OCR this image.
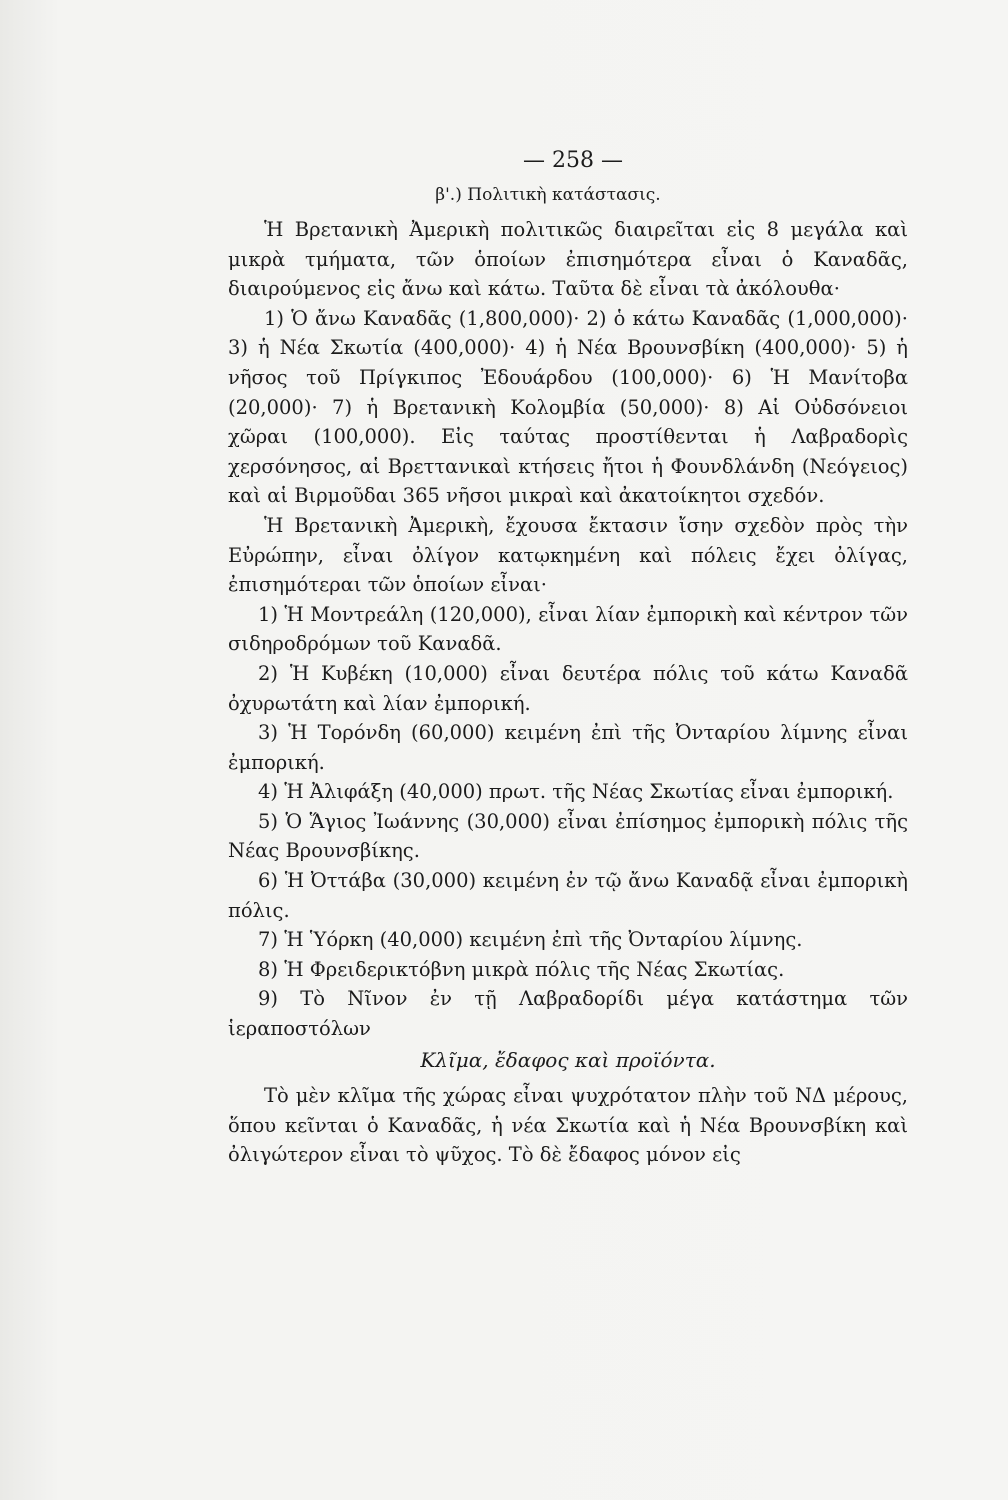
— 258 —
β'.) Πολιτικὴ κατάστασις.

Ἡ Βρετανικὴ Ἀμερικὴ πολιτικῶς διαιρεῖται εἰς 8 μεγάλα καὶ μικρὰ τμήματα, τῶν ὁποίων ἐπισημότερα εἶναι ὁ Καναδᾶς, διαιρούμενος εἰς ἄνω καὶ κάτω. Ταῦτα δὲ εἶναι τὰ ἀκόλουθα·

1) Ὁ ἄνω Καναδᾶς (1,800,000)· 2) ὁ κάτω Καναδᾶς (1,000,000)· 3) ἡ Νέα Σκωτία (400,000)· 4) ἡ Νέα Βρουνσβίκη (400,000)· 5) ἡ νῆσος τοῦ Πρίγκιπος Ἐδουάρδου (100,000)· 6) Ἡ Μανίτοβα (20,000)· 7) ἡ Βρετανικὴ Κολομβία (50,000)· 8) Αἱ Οὐδσόνειοι χῶραι (100,000). Εἰς ταύτας προστίθενται ἡ Λαβραδορὶς χερσόνησος, αἱ Βρεττανικαὶ κτήσεις ἤτοι ἡ Φουνδλάνδη (Νεόγειος) καὶ αἱ Βιρμοῦδαι 365 νῆσοι μικραὶ καὶ ἀκατοίκητοι σχεδόν.

Ἡ Βρετανικὴ Ἀμερικὴ, ἔχουσα ἔκτασιν ἴσην σχεδὸν πρὸς τὴν Εὐρώπην, εἶναι ὀλίγον κατῳκημένη καὶ πόλεις ἔχει ὀλίγας, ἐπισημότεραι τῶν ὁποίων εἶναι·

1) Ἡ Μοντρεάλη (120,000), εἶναι λίαν ἐμπορικὴ καὶ κέντρον τῶν σιδηροδρόμων τοῦ Καναδᾶ.

2) Ἡ Κυβέκη (10,000) εἶναι δευτέρα πόλις τοῦ κάτω Καναδᾶ ὀχυρωτάτη καὶ λίαν ἐμπορική.

3) Ἡ Τορόνδη (60,000) κειμένη ἐπὶ τῆς Ὀνταρίου λίμνης εἶναι ἐμπορική.

4) Ἡ Ἀλιφάξη (40,000) πρωτ. τῆς Νέας Σκωτίας εἶναι ἐμπορική.

5) Ὁ Ἅγιος Ἰωάννης (30,000) εἶναι ἐπίσημος ἐμπορικὴ πόλις τῆς Νέας Βρουνσβίκης.

6) Ἡ Ὀττάβα (30,000) κειμένη ἐν τῷ ἄνω Καναδᾷ εἶναι ἐμπορικὴ πόλις.

7) Ἡ Ὑόρκη (40,000) κειμένη ἐπὶ τῆς Ὀνταρίου λίμνης.

8) Ἡ Φρειδερικτόβνη μικρὰ πόλις τῆς Νέας Σκωτίας.

9) Τὸ Νῖνον ἐν τῇ Λαβραδορίδι μέγα κατάστημα τῶν ἱεραποστόλων

Κλῖμα, ἔδαφος καὶ προϊόντα.

Τὸ μὲν κλῖμα τῆς χώρας εἶναι ψυχρότατον πλὴν τοῦ ΝΔ μέρους, ὅπου κεῖνται ὁ Καναδᾶς, ἡ νέα Σκωτία καὶ ἡ Νέα Βρουνσβίκη καὶ ὀλιγώτερον εἶναι τὸ ψῦχος. Τὸ δὲ ἔδαφος μόνον εἰς
